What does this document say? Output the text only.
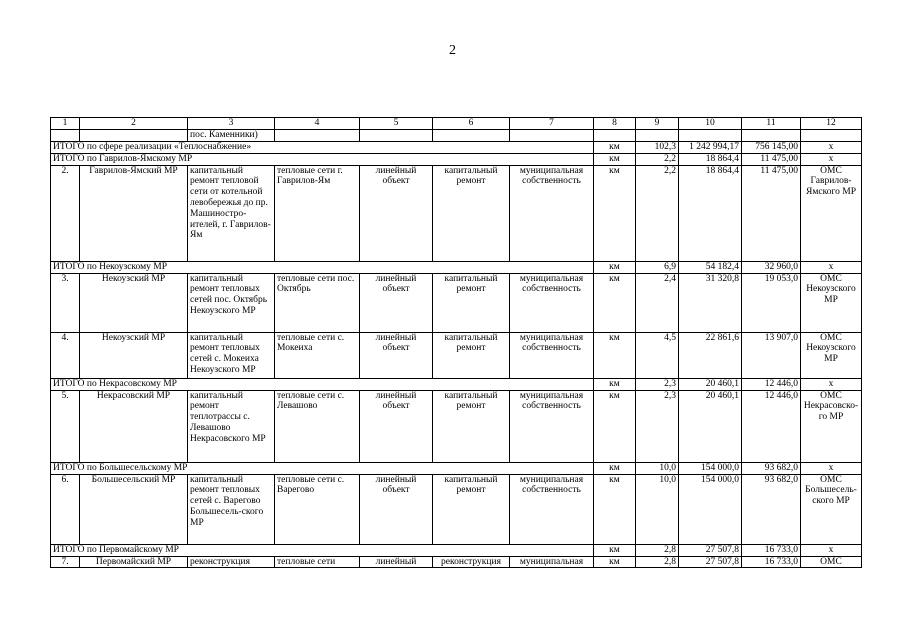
2
1	2	3	4	5	6	7	8	9	10	11	12
		пос. Каменники)									
ИТОГО по сфере реализации «Теплоснабжение»							км	102,3	1 242 994,17	756 145,00	x
ИТОГО по Гаврилов-Ямскому МР							км	2,2	18 864,4	11 475,00	x
2.	Гаврилов-Ямский МР	капитальный ремонт тепловой сети от котельной левобережья до пр. Машиностро-ителей, г. Гаврилов-Ям	тепловые сети г. Гаврилов-Ям	линейный объект	капитальный ремонт	муниципальная собственность	км	2,2	18 864,4	11 475,00	ОМС Гаврилов-Ямского МР
ИТОГО по Некоузскому МР							км	6,9	54 182,4	32 960,0	x
3.	Некоузский МР	капитальный ремонт тепловых сетей пос. Октябрь Некоузского МР	тепловые сети пос. Октябрь	линейный объект	капитальный ремонт	муниципальная собственность	км	2,4	31 320,8	19 053,0	ОМС Некоузского МР
4.	Некоузский МР	капитальный ремонт тепловых сетей с. Мокеиха Некоузского МР	тепловые сети с. Мокеиха	линейный объект	капитальный ремонт	муниципальная собственность	км	4,5	22 861,6	13 907,0	ОМС Некоузского МР
ИТОГО по Некрасовскому МР							км	2,3	20 460,1	12 446,0	x
5.	Некрасовский МР	капитальный ремонт теплотрассы с. Левашово Некрасовского МР	тепловые сети с. Левашово	линейный объект	капитальный ремонт	муниципальная собственность	км	2,3	20 460,1	12 446,0	ОМС Некрасовско-го МР
ИТОГО по Большесельскому МР							км	10,0	154 000,0	93 682,0	x
6.	Большесельский МР	капитальный ремонт тепловых сетей с. Варегово Большесель-ского МР	тепловые сети с. Варегово	линейный объект	капитальный ремонт	муниципальная собственность	км	10,0	154 000,0	93 682,0	ОМС Большесель-ского МР
ИТОГО по Первомайскому МР							км	2,8	27 507,8	16 733,0	x
7.	Первомайский МР	реконструкция	тепловые сети	линейный	реконструкция	муниципальная	км	2,8	27 507,8	16 733,0	ОМС
